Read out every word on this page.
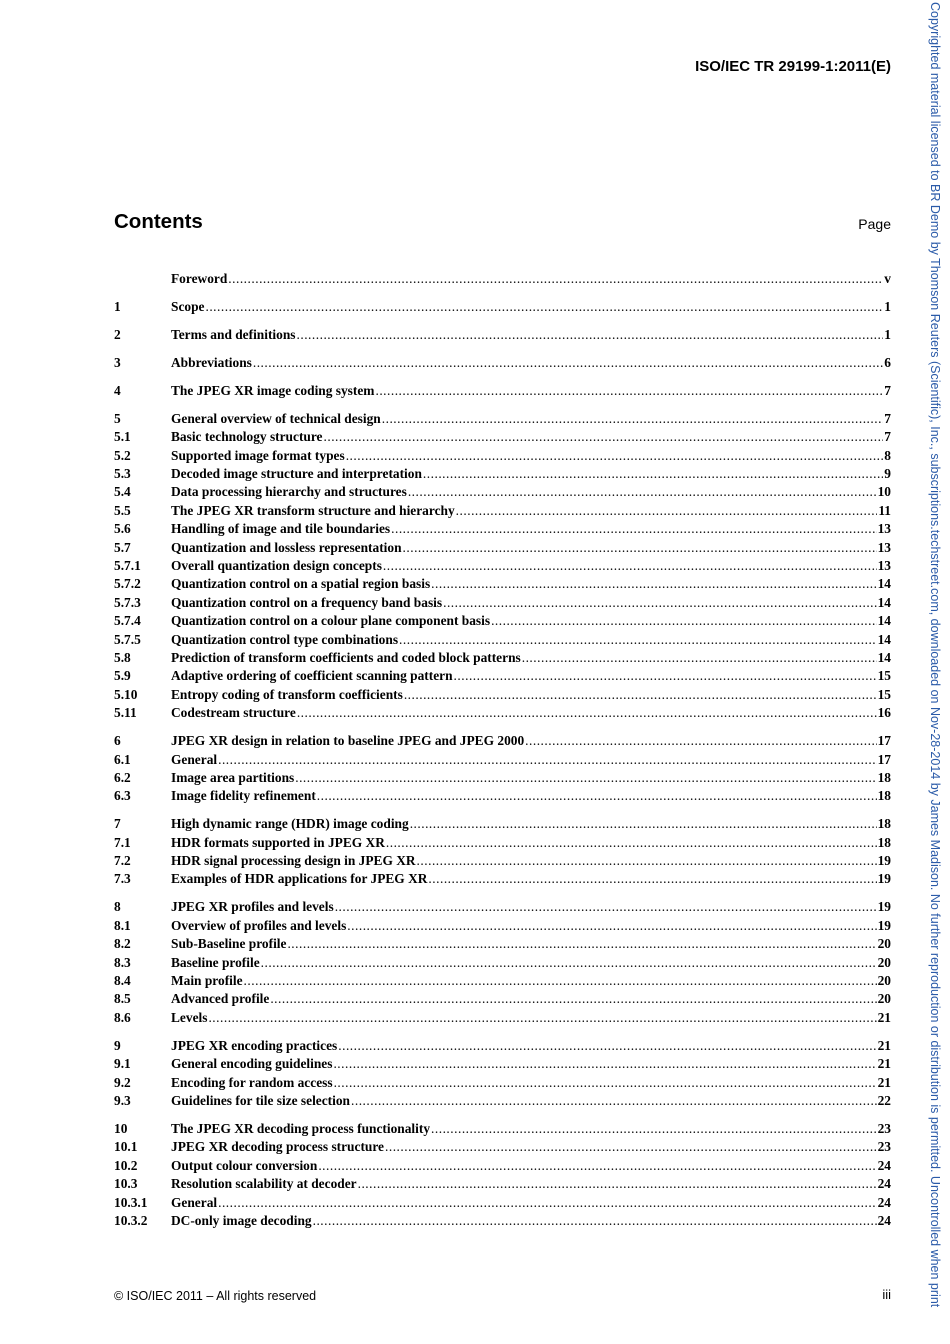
ISO/IEC TR 29199-1:2011(E)	Copyrighted material licensed to BR Demo by Thomson Reuters (Scientific), Inc., subscriptions.techstreet.com, downloaded on Nov-28-2014 by James Madison. No further reproduction or distribution is permitted. Uncontrolled when print
Contents	Page
Foreword .....	v
1	Scope .....	1
2	Terms and definitions .....	1
3	Abbreviations .....	6
4	The JPEG XR image coding system .....	7
5	General overview of technical design .....	7
5.1	Basic technology structure .....	7
5.2	Supported image format types .....	8
5.3	Decoded image structure and interpretation .....	9
5.4	Data processing hierarchy and structures .....	10
5.5	The JPEG XR transform structure and hierarchy .....	11
5.6	Handling of image and tile boundaries .....	13
5.7	Quantization and lossless representation .....	13
5.7.1	Overall quantization design concepts .....	13
5.7.2	Quantization control on a spatial region basis .....	14
5.7.3	Quantization control on a frequency band basis .....	14
5.7.4	Quantization control on a colour plane component basis .....	14
5.7.5	Quantization control type combinations .....	14
5.8	Prediction of transform coefficients and coded block patterns .....	14
5.9	Adaptive ordering of coefficient scanning pattern .....	15
5.10	Entropy coding of transform coefficients .....	15
5.11	Codestream structure .....	16
6	JPEG XR design in relation to baseline JPEG and JPEG 2000 .....	17
6.1	General .....	17
6.2	Image area partitions .....	18
6.3	Image fidelity refinement .....	18
7	High dynamic range (HDR) image coding .....	18
7.1	HDR formats supported in JPEG XR .....	18
7.2	HDR signal processing design in JPEG XR .....	19
7.3	Examples of HDR applications for JPEG XR .....	19
8	JPEG XR profiles and levels .....	19
8.1	Overview of profiles and levels .....	19
8.2	Sub-Baseline profile .....	20
8.3	Baseline profile .....	20
8.4	Main profile .....	20
8.5	Advanced profile .....	20
8.6	Levels .....	21
9	JPEG XR encoding practices .....	21
9.1	General encoding guidelines .....	21
9.2	Encoding for random access .....	21
9.3	Guidelines for tile size selection .....	22
10	The JPEG XR decoding process functionality .....	23
10.1	JPEG XR decoding process structure .....	23
10.2	Output colour conversion .....	24
10.3	Resolution scalability at decoder .....	24
10.3.1	General .....	24
10.3.2	DC-only image decoding .....	24
© ISO/IEC 2011 – All rights reserved	iii
